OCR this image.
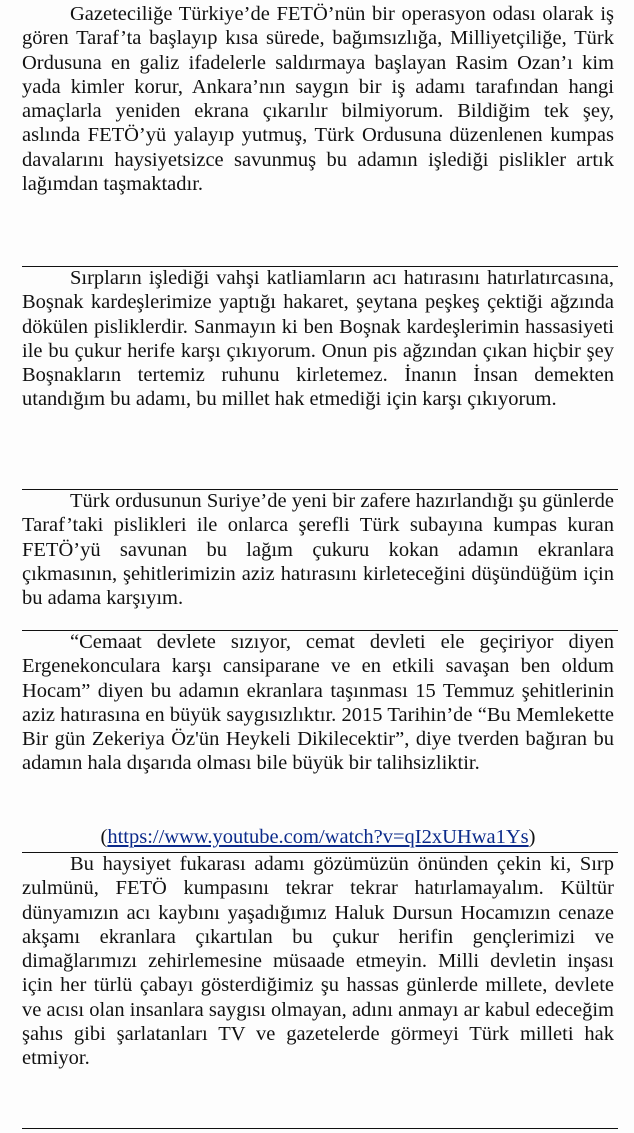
Gazeteciliğe Türkiye’de FETÖ’nün bir operasyon odası olarak iş gören Taraf’ta başlayıp kısa sürede, bağımsızlığa, Milliyetçiliğe, Türk Ordusuna en galiz ifadelerle saldırmaya başlayan Rasim Ozan’ı kim yada kimler korur, Ankara’nın saygın bir iş adamı tarafından hangi amaçlarla yeniden ekrana çıkarılır bilmiyorum. Bildiğim tek şey, aslında FETÖ’yü yalayıp yutmuş, Türk Ordusuna düzenlenen kumpas davalarını haysiyetsizce savunmuş bu adamın işlediği pislikler artık lağımdan taşmaktadır.

Sırpların işlediği vahşi katliamların acı hatırasını hatırlatırcasına, Boşnak kardeşlerimize yaptığı hakaret, şeytana peşkeş çektiği ağzında dökülen pisliklerdir. Sanmayın ki ben Boşnak kardeşlerimin hassasiyeti ile bu çukur herife karşı çıkıyorum. Onun pis ağzından çıkan hiçbir şey Boşnakların tertemiz ruhunu kirletemez. İnanın İnsan demekten utandığım bu adamı, bu millet hak etmediği için karşı çıkıyorum.

Türk ordusunun Suriye’de yeni bir zafere hazırlandığı şu günlerde Taraf’taki pislikleri ile onlarca şerefli Türk subayına kumpas kuran FETÖ’yü savunan bu lağım çukuru kokan adamın ekranlara çıkmasının, şehitlerimizin aziz hatırasını kirleteceğini düşündüğüm için bu adama karşıyım.

“Cemaat devlete sızıyor, cemat devleti ele geçiriyor diyen Ergenekonculara karşı cansiparane ve en etkili savaşan ben oldum Hocam” diyen bu adamın ekranlara taşınması 15 Temmuz şehitlerinin aziz hatırasına en büyük saygısızlıktır. 2015 Tarihin’de “Bu Memlekette Bir gün Zekeriya Öz'ün Heykeli Dikilecektir”, diye tverden bağıran bu adamın hala dışarıda olması bile büyük bir talihsizliktir.

(https://www.youtube.com/watch?v=qI2xUHwa1Ys)

Bu haysiyet fukarası adamı gözümüzün önünden çekin ki, Sırp zulmünü, FETÖ kumpasını tekrar tekrar hatırlamayalım. Kültür dünyamızın acı kaybını yaşadığımız Haluk Dursun Hocamızın cenaze akşamı ekranlara çıkartılan bu çukur herifin gençlerimizi ve dimağlarımızı zehirlemesine müsaade etmeyin. Milli devletin inşası için her türlü çabayı gösterdiğimiz şu hassas günlerde millete, devlete ve acısı olan insanlara saygısı olmayan, adını anmayı ar kabul edeceğim şahıs gibi şarlatanları TV ve gazetelerde görmeyi Türk milleti hak etmiyor.
